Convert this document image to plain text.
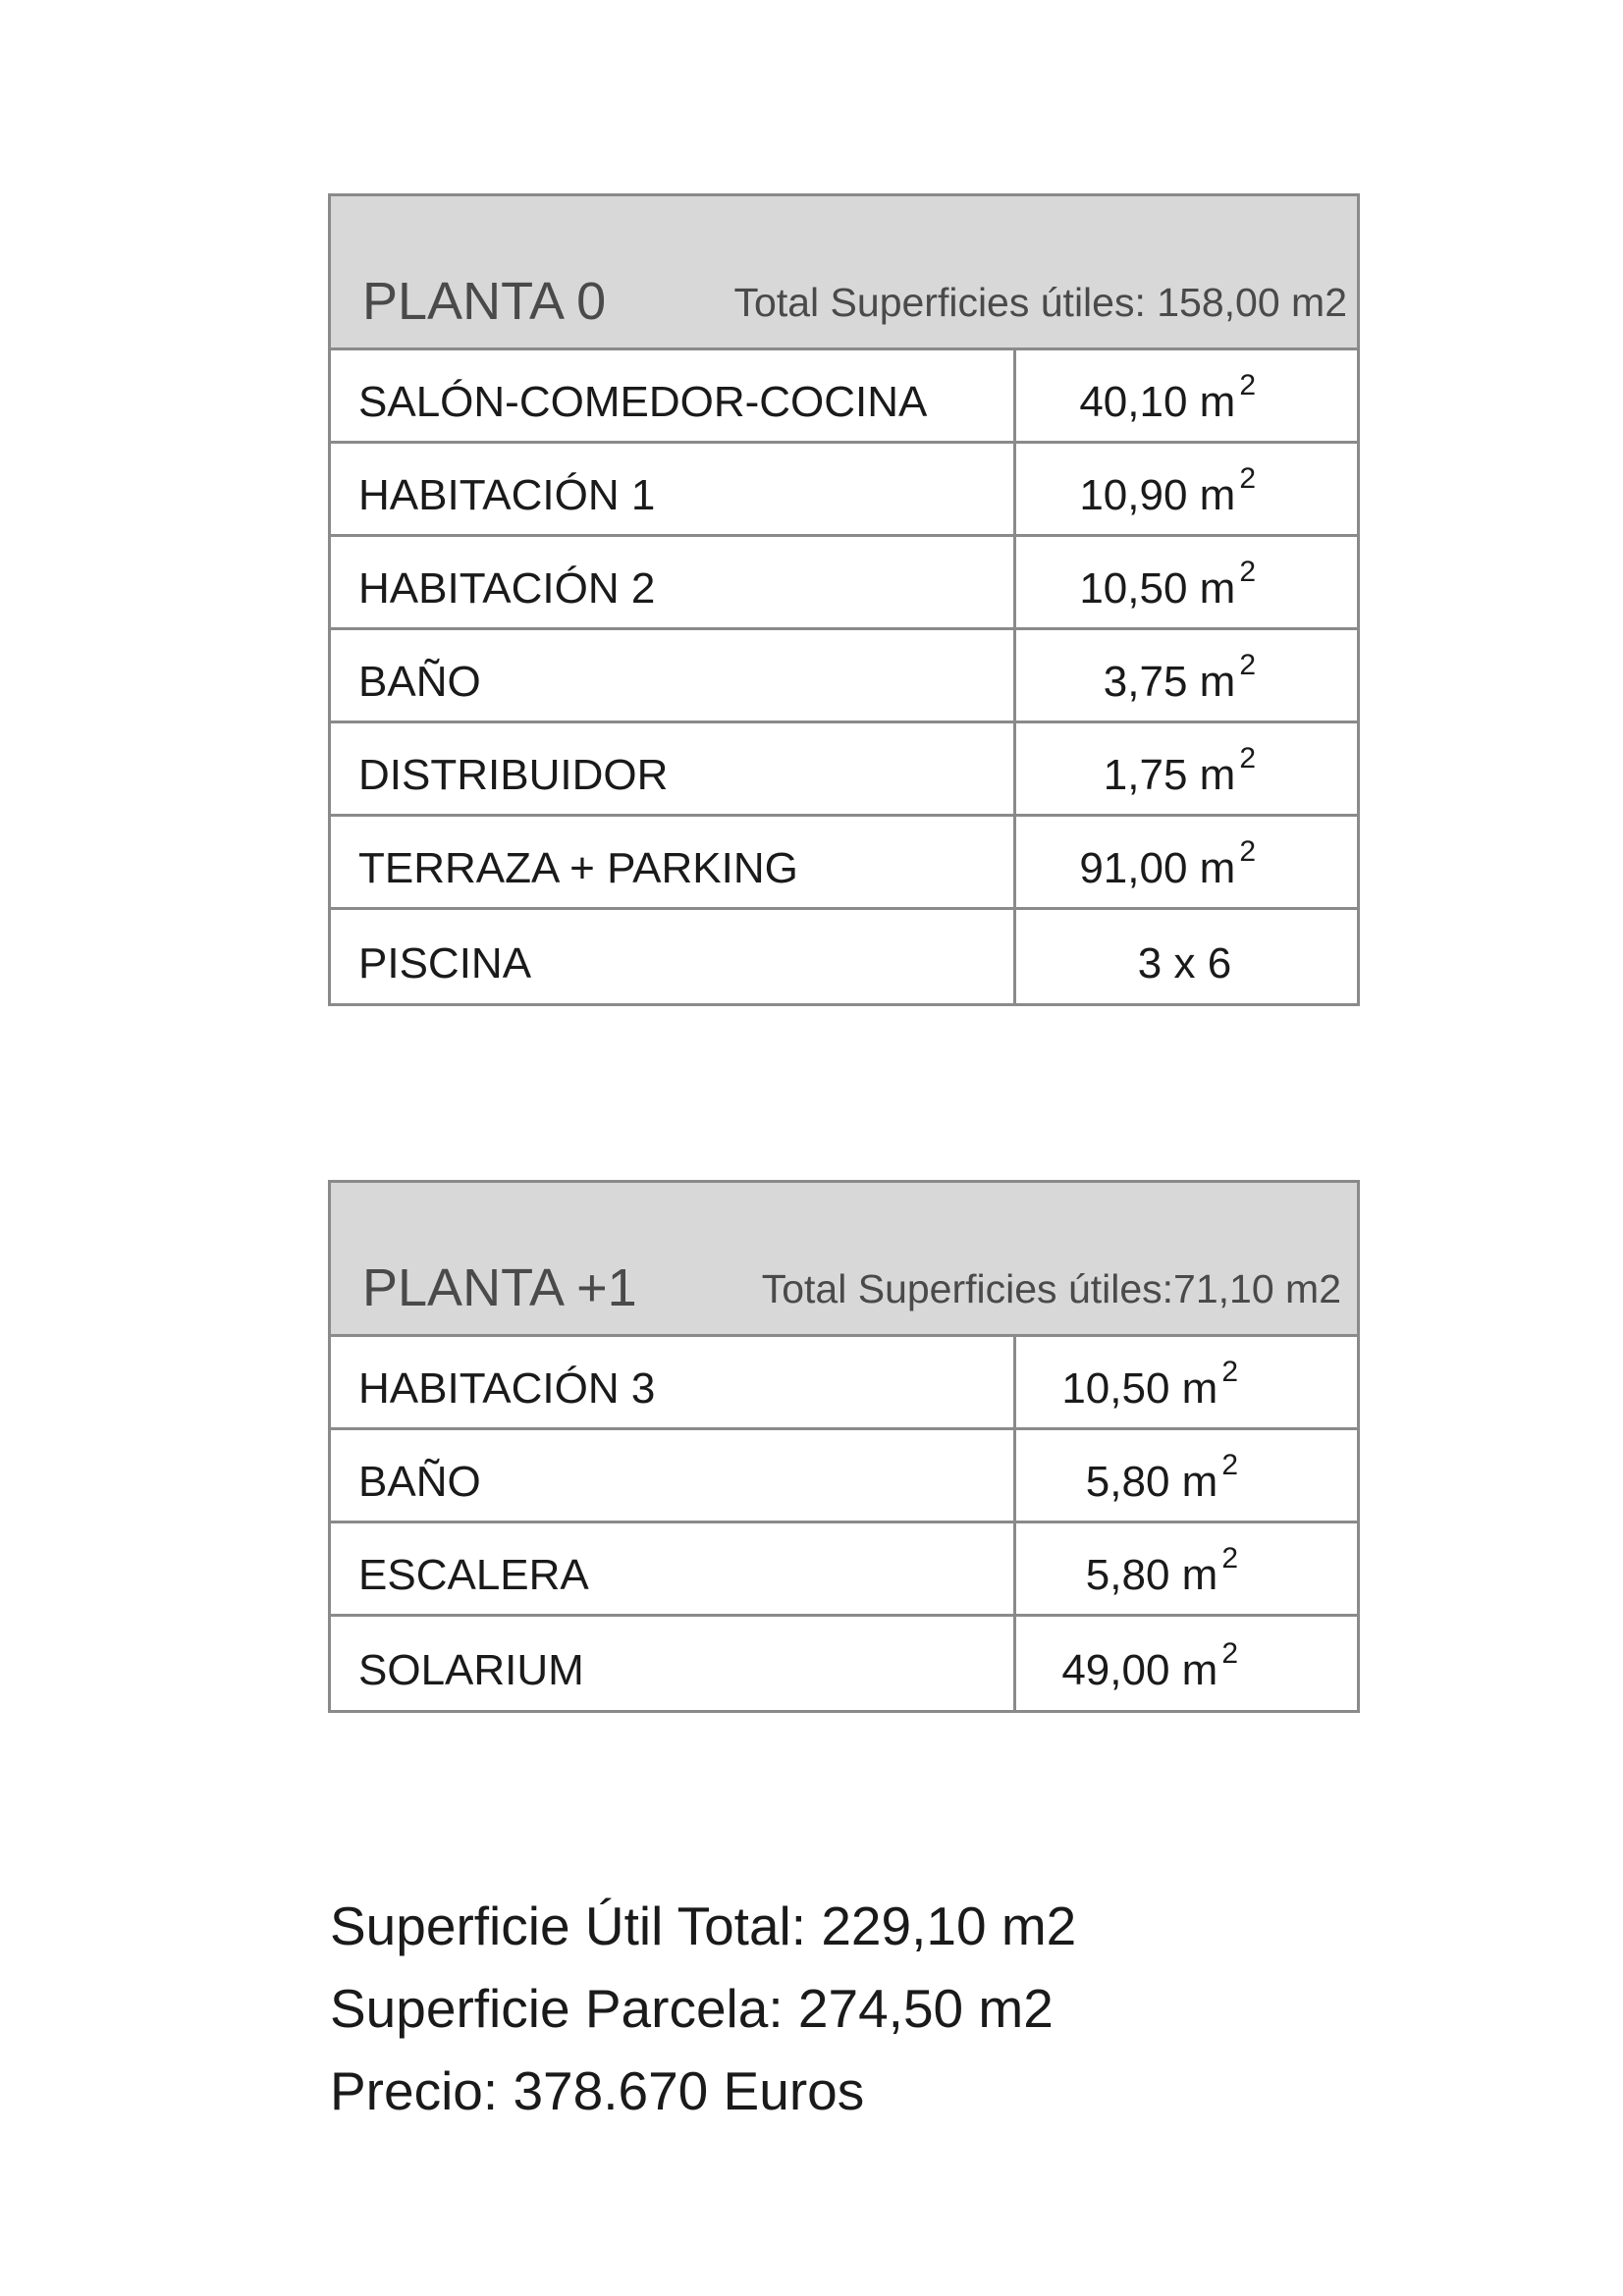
PLANTA 0	Total Superficies útiles: 158,00 m2
SALÓN-COMEDOR-COCINA	40,10 m $^2$
HABITACIÓN 1	10,90 m $^2$
HABITACIÓN 2	10,50 m $^2$
BAÑO	3,75 m $^2$
DISTRIBUIDOR	1,75 m $^2$
TERRAZA + PARKING	91,00 m $^2$
PISCINA	3 x 6
PLANTA +1	Total Superficies útiles:71,10 m2
HABITACIÓN 3	10,50 m $^2$
BAÑO	5,80 m $^2$
ESCALERA	5,80 m $^2$
SOLARIUM	49,00 m $^2$
Superficie Útil Total: 229,10 m2
Superficie Parcela: 274,50 m2
Precio: 378.670 Euros
